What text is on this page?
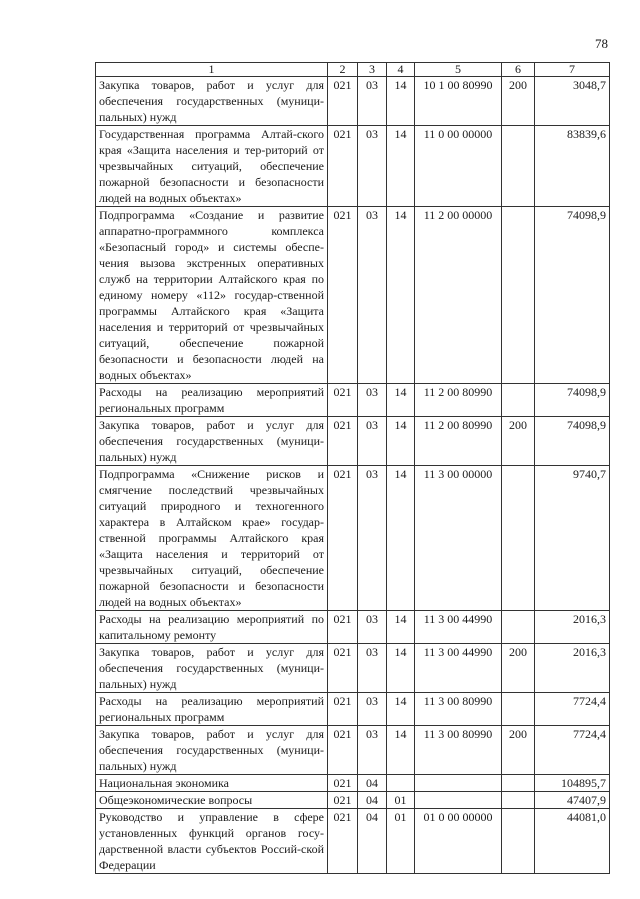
78
1	2	3	4	5	6	7
Закупка товаров, работ и услуг для обеспечения государственных (муници-пальных) нужд	021	03	14	10 1 00 80990	200	3048,7
Государственная программа Алтай-ского края «Защита населения и тер-риторий от чрезвычайных ситуаций, обеспечение пожарной безопасности и безопасности людей на водных объектах»	021	03	14	11 0 00 00000		83839,6
Подпрограмма «Создание и развитие аппаратно-программного комплекса «Безопасный город» и системы обеспе-чения вызова экстренных оперативных служб на территории Алтайского края по единому номеру «112» государ-ственной программы Алтайского края «Защита населения и территорий от чрезвычайных ситуаций, обеспечение пожарной безопасности и безопасности людей на водных объектах»	021	03	14	11 2 00 00000		74098,9
Расходы на реализацию мероприятий региональных программ	021	03	14	11 2 00 80990		74098,9
Закупка товаров, работ и услуг для обеспечения государственных (муници-пальных) нужд	021	03	14	11 2 00 80990	200	74098,9
Подпрограмма «Снижение рисков и смягчение последствий чрезвычайных ситуаций природного и техногенного характера в Алтайском крае» государ-ственной программы Алтайского края «Защита населения и территорий от чрезвычайных ситуаций, обеспечение пожарной безопасности и безопасности людей на водных объектах»	021	03	14	11 3 00 00000		9740,7
Расходы на реализацию мероприятий по капитальному ремонту	021	03	14	11 3 00 44990		2016,3
Закупка товаров, работ и услуг для обеспечения государственных (муници-пальных) нужд	021	03	14	11 3 00 44990	200	2016,3
Расходы на реализацию мероприятий региональных программ	021	03	14	11 3 00 80990		7724,4
Закупка товаров, работ и услуг для обеспечения государственных (муници-пальных) нужд	021	03	14	11 3 00 80990	200	7724,4
Национальная экономика	021	04				104895,7
Общеэкономические вопросы	021	04	01			47407,9
Руководство и управление в сфере установленных функций органов госу-дарственной власти субъектов Россий-ской Федерации	021	04	01	01 0 00 00000		44081,0
